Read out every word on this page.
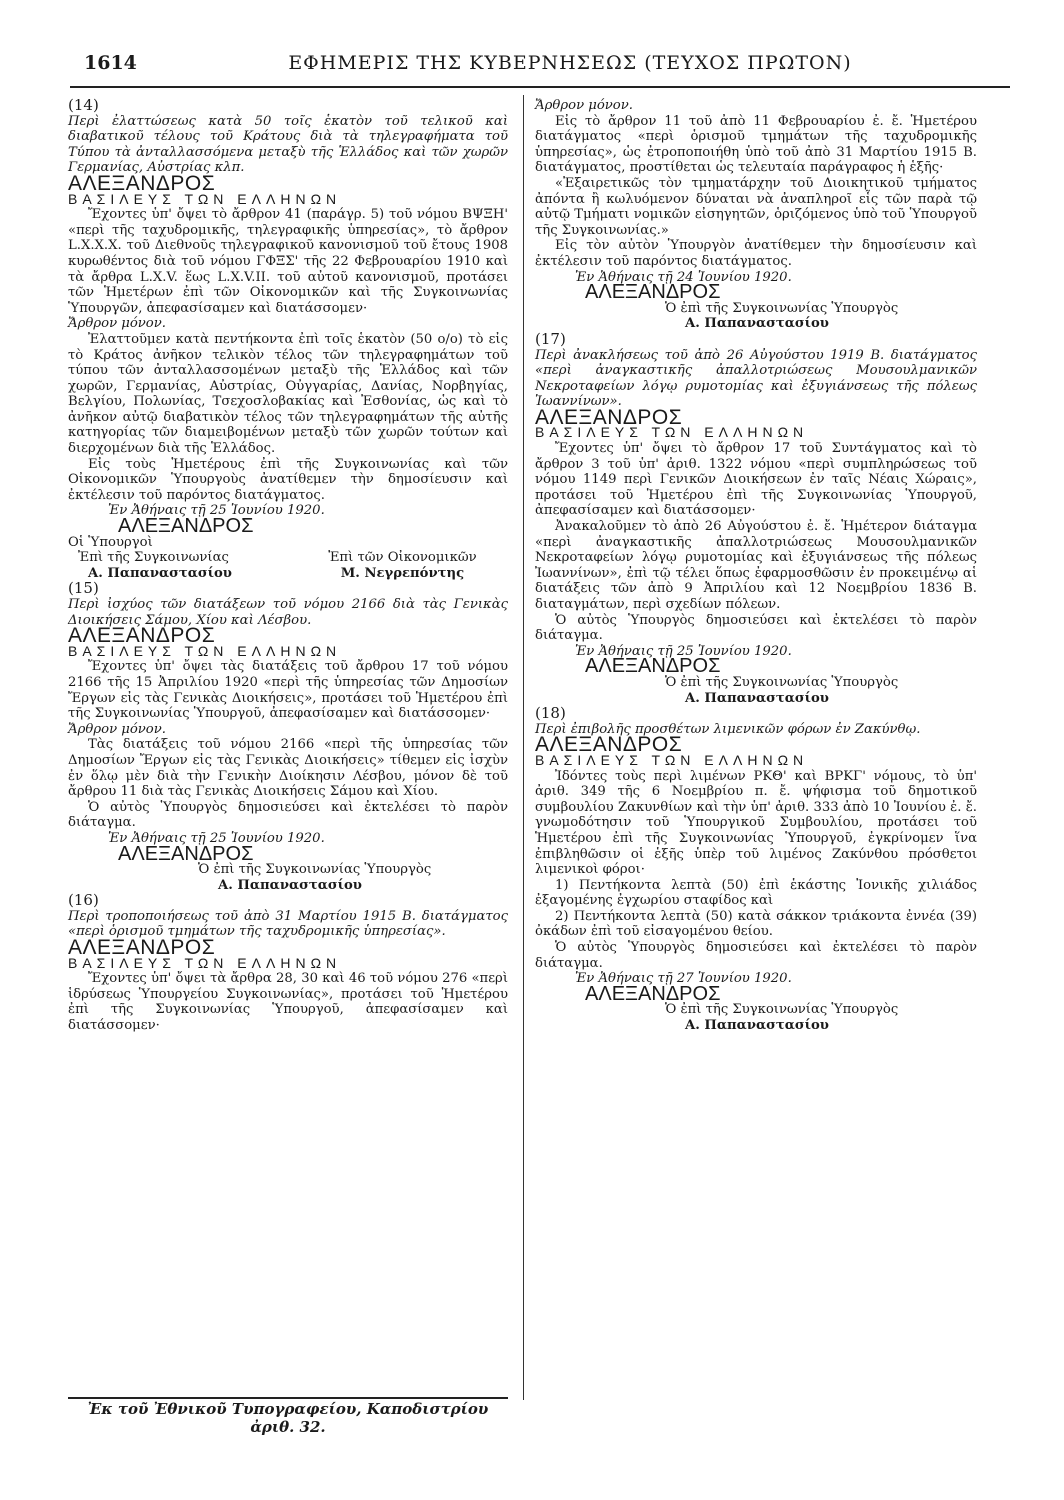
1614	ΕΦΗΜΕΡΙΣ ΤΗΣ ΚΥΒΕΡΝΗΣΕΩΣ (ΤΕΥΧΟΣ ΠΡΩΤΟΝ)

(14)

Περὶ ἐλαττώσεως κατὰ 50 τοῖς ἑκατὸν τοῦ τελικοῦ καὶ διαβατικοῦ τέλους τοῦ Κράτους διὰ τὰ τηλεγραφήματα τοῦ Τύπου τὰ ἀνταλλασσόμενα μεταξὺ τῆς Ἑλλάδος καὶ τῶν χωρῶν Γερμανίας, Αὐστρίας κλπ.

ΑΛΕΞΑΝΔΡΟΣ

ΒΑΣΙΛΕΥΣ ΤΩΝ ΕΛΛΗΝΩΝ

Ἔχοντες ὑπ' ὄψει τὸ ἄρθρον 41 (παράγρ. 5) τοῦ νόμου ΒΨΞΗ' «περὶ τῆς ταχυδρομικῆς, τηλεγραφικῆς ὑπηρεσίας», τὸ ἄρθρον L.X.X.X. τοῦ Διεθνοῦς τηλεγραφικοῦ κανονισμοῦ τοῦ ἔτους 1908 κυρωθέντος διὰ τοῦ νόμου ΓΦΞΣ' τῆς 22 Φεβρουαρίου 1910 καὶ τὰ ἄρθρα L.X.V. ἕως L.X.V.II. τοῦ αὐτοῦ κανονισμοῦ, προτάσει τῶν Ἡμετέρων ἐπὶ τῶν Οἰκονομικῶν καὶ τῆς Συγκοινωνίας Ὑπουργῶν, ἀπεφασίσαμεν καὶ διατάσσομεν·

Ἄρθρον μόνον.

Ἐλαττοῦμεν κατὰ πεντήκοντα ἐπὶ τοῖς ἑκατὸν (50 ο/ο) τὸ εἰς τὸ Κράτος ἀνῆκον τελικὸν τέλος τῶν τηλεγραφημάτων τοῦ τύπου τῶν ἀνταλλασσομένων μεταξὺ τῆς Ἑλλάδος καὶ τῶν χωρῶν, Γερμανίας, Αὐστρίας, Οὐγγαρίας, Δανίας, Νορβηγίας, Βελγίου, Πολωνίας, Τσεχοσλοβακίας καὶ Ἐσθονίας, ὡς καὶ τὸ ἀνῆκον αὐτῷ διαβατικὸν τέλος τῶν τηλεγραφημάτων τῆς αὐτῆς κατηγορίας τῶν διαμειβομένων μεταξὺ τῶν χωρῶν τούτων καὶ διερχομένων διὰ τῆς Ἑλλάδος.

Εἰς τοὺς Ἡμετέρους ἐπὶ τῆς Συγκοινωνίας καὶ τῶν Οἰκονομικῶν Ὑπουργοὺς ἀνατίθεμεν τὴν δημοσίευσιν καὶ ἐκτέλεσιν τοῦ παρόντος διατάγματος.

Ἐν Ἀθήναις τῇ 25 Ἰουνίου 1920.

ΑΛΕΞΑΝΔΡΟΣ

Οἱ Ὑπουργοὶ

Ἐπὶ τῆς Συγκοινωνίας
Α. Παπαναστασίου
Ἐπὶ τῶν Οἰκονομικῶν
Μ. Νεγρεπόντης

(15)

Περὶ ἰσχύος τῶν διατάξεων τοῦ νόμου 2166 διὰ τὰς Γενικὰς Διοικήσεις Σάμου, Χίου καὶ Λέσβου.

ΑΛΕΞΑΝΔΡΟΣ

ΒΑΣΙΛΕΥΣ ΤΩΝ ΕΛΛΗΝΩΝ

Ἔχοντες ὑπ' ὄψει τὰς διατάξεις τοῦ ἄρθρου 17 τοῦ νόμου 2166 τῆς 15 Ἀπριλίου 1920 «περὶ τῆς ὑπηρεσίας τῶν Δημοσίων Ἔργων εἰς τὰς Γενικὰς Διοικήσεις», προτάσει τοῦ Ἡμετέρου ἐπὶ τῆς Συγκοινωνίας Ὑπουργοῦ, ἀπεφασίσαμεν καὶ διατάσσομεν·

Ἄρθρον μόνον.

Τὰς διατάξεις τοῦ νόμου 2166 «περὶ τῆς ὑπηρεσίας τῶν Δημοσίων Ἔργων εἰς τὰς Γενικὰς Διοικήσεις» τίθεμεν εἰς ἰσχὺν ἐν ὅλῳ μὲν διὰ τὴν Γενικὴν Διοίκησιν Λέσβου, μόνον δὲ τοῦ ἄρθρου 11 διὰ τὰς Γενικὰς Διοικήσεις Σάμου καὶ Χίου.

Ὁ αὐτὸς Ὑπουργὸς δημοσιεύσει καὶ ἐκτελέσει τὸ παρὸν διάταγμα.

Ἐν Ἀθήναις τῇ 25 Ἰουνίου 1920.

ΑΛΕΞΑΝΔΡΟΣ

Ὁ ἐπὶ τῆς Συγκοινωνίας Ὑπουργὸς

Α. Παπαναστασίου

(16)

Περὶ τροποποιήσεως τοῦ ἀπὸ 31 Μαρτίου 1915 Β. διατάγματος «περὶ ὁρισμοῦ τμημάτων τῆς ταχυδρομικῆς ὑπηρεσίας».

ΑΛΕΞΑΝΔΡΟΣ

ΒΑΣΙΛΕΥΣ ΤΩΝ ΕΛΛΗΝΩΝ

Ἔχοντες ὑπ' ὄψει τὰ ἄρθρα 28, 30 καὶ 46 τοῦ νόμου 276 «περὶ ἱδρύσεως Ὑπουργείου Συγκοινωνίας», προτάσει τοῦ Ἡμετέρου ἐπὶ τῆς Συγκοινωνίας Ὑπουργοῦ, ἀπεφασίσαμεν καὶ διατάσσομεν·

Ἐκ τοῦ Ἐθνικοῦ Τυπογραφείου, Καποδιστρίου ἀριθ. 32.

Ἄρθρον μόνον.

Εἰς τὸ ἄρθρον 11 τοῦ ἀπὸ 11 Φεβρουαρίου ἐ. ἔ. Ἡμετέρου διατάγματος «περὶ ὁρισμοῦ τμημάτων τῆς ταχυδρομικῆς ὑπηρεσίας», ὡς ἐτροποποιήθη ὑπὸ τοῦ ἀπὸ 31 Μαρτίου 1915 Β. διατάγματος, προστίθεται ὡς τελευταία παράγραφος ἡ ἑξῆς·

«Ἐξαιρετικῶς τὸν τμηματάρχην τοῦ Διοικητικοῦ τμήματος ἀπόντα ἢ κωλυόμενον δύναται νὰ ἀναπληροῖ εἷς τῶν παρὰ τῷ αὐτῷ Τμήματι νομικῶν εἰσηγητῶν, ὁριζόμενος ὑπὸ τοῦ Ὑπουργοῦ τῆς Συγκοινωνίας.»

Εἰς τὸν αὐτὸν Ὑπουργὸν ἀνατίθεμεν τὴν δημοσίευσιν καὶ ἐκτέλεσιν τοῦ παρόντος διατάγματος.

Ἐν Ἀθήναις τῇ 24 Ἰουνίου 1920.

ΑΛΕΞΑΝΔΡΟΣ

Ὁ ἐπὶ τῆς Συγκοινωνίας Ὑπουργὸς

Α. Παπαναστασίου

(17)

Περὶ ἀνακλήσεως τοῦ ἀπὸ 26 Αὐγούστου 1919 Β. διατάγματος «περὶ ἀναγκαστικῆς ἀπαλλοτριώσεως Μουσουλμανικῶν Νεκροταφείων λόγῳ ρυμοτομίας καὶ ἐξυγιάνσεως τῆς πόλεως Ἰωαννίνων».

ΑΛΕΞΑΝΔΡΟΣ

ΒΑΣΙΛΕΥΣ ΤΩΝ ΕΛΛΗΝΩΝ

Ἔχοντες ὑπ' ὄψει τὸ ἄρθρον 17 τοῦ Συντάγματος καὶ τὸ ἄρθρον 3 τοῦ ὑπ' ἀριθ. 1322 νόμου «περὶ συμπληρώσεως τοῦ νόμου 1149 περὶ Γενικῶν Διοικήσεων ἐν ταῖς Νέαις Χώραις», προτάσει τοῦ Ἡμετέρου ἐπὶ τῆς Συγκοινωνίας Ὑπουργοῦ, ἀπεφασίσαμεν καὶ διατάσσομεν·

Ἀνακαλοῦμεν τὸ ἀπὸ 26 Αὐγούστου ἐ. ἔ. Ἡμέτερον διάταγμα «περὶ ἀναγκαστικῆς ἀπαλλοτριώσεως Μουσουλμανικῶν Νεκροταφείων λόγῳ ρυμοτομίας καὶ ἐξυγιάνσεως τῆς πόλεως Ἰωαννίνων», ἐπὶ τῷ τέλει ὅπως ἐφαρμοσθῶσιν ἐν προκειμένῳ αἱ διατάξεις τῶν ἀπὸ 9 Ἀπριλίου καὶ 12 Νοεμβρίου 1836 Β. διαταγμάτων, περὶ σχεδίων πόλεων.

Ὁ αὐτὸς Ὑπουργὸς δημοσιεύσει καὶ ἐκτελέσει τὸ παρὸν διάταγμα.

Ἐν Ἀθήναις τῇ 25 Ἰουνίου 1920.

ΑΛΕΞΑΝΔΡΟΣ

Ὁ ἐπὶ τῆς Συγκοινωνίας Ὑπουργὸς

Α. Παπαναστασίου

(18)

Περὶ ἐπιβολῆς προσθέτων λιμενικῶν φόρων ἐν Ζακύνθῳ.

ΑΛΕΞΑΝΔΡΟΣ

ΒΑΣΙΛΕΥΣ ΤΩΝ ΕΛΛΗΝΩΝ

Ἰδόντες τοὺς περὶ λιμένων ΡΚΘ' καὶ ΒΡΚΓ' νόμους, τὸ ὑπ' ἀριθ. 349 τῆς 6 Νοεμβρίου π. ἔ. ψήφισμα τοῦ δημοτικοῦ συμβουλίου Ζακυνθίων καὶ τὴν ὑπ' ἀριθ. 333 ἀπὸ 10 Ἰουνίου ἐ. ἔ. γνωμοδότησιν τοῦ Ὑπουργικοῦ Συμβουλίου, προτάσει τοῦ Ἡμετέρου ἐπὶ τῆς Συγκοινωνίας Ὑπουργοῦ, ἐγκρίνομεν ἵνα ἐπιβληθῶσιν οἱ ἑξῆς ὑπὲρ τοῦ λιμένος Ζακύνθου πρόσθετοι λιμενικοὶ φόροι·

1) Πεντήκοντα λεπτὰ (50) ἐπὶ ἑκάστης Ἰονικῆς χιλιάδος ἐξαγομένης ἐγχωρίου σταφίδος καὶ

2) Πεντήκοντα λεπτὰ (50) κατὰ σάκκον τριάκοντα ἐννέα (39) ὀκάδων ἐπὶ τοῦ εἰσαγομένου θείου.

Ὁ αὐτὸς Ὑπουργὸς δημοσιεύσει καὶ ἐκτελέσει τὸ παρὸν διάταγμα.

Ἐν Ἀθήναις τῇ 27 Ἰουνίου 1920.

ΑΛΕΞΑΝΔΡΟΣ

Ὁ ἐπὶ τῆς Συγκοινωνίας Ὑπουργὸς

Α. Παπαναστασίου
